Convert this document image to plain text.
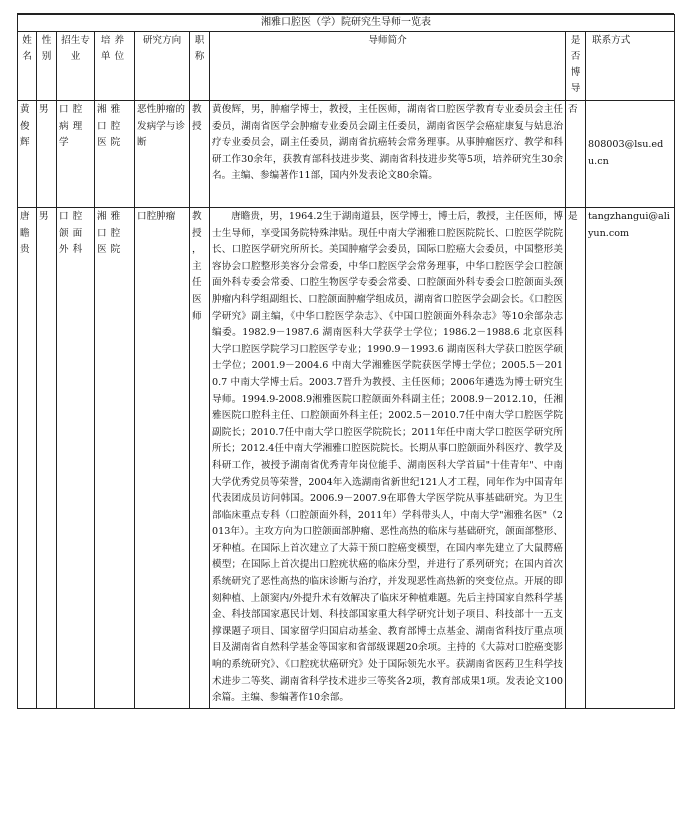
湘雅口腔医（学）院研究生导师一览表								
姓名	性别	招生专业	培养单位	研究方向	职称	导师简介	是否博导	联系方式
黄俊辉	男	口腔病理学	湘雅口腔医院	恶性肿瘤的发病学与诊断	教授	黄俊辉，男，肿瘤学博士，教授，主任医师，湖南省口腔医学教育专业委员会主任委员，湖南省医学会肿瘤专业委员会副主任委员，湖南省医学会癌症康复与姑息治疗专业委员会，副主任委员，湖南省抗癌转会常务理事。从事肿瘤医疗、教学和科研工作30余年，获教育部科技进步奖、湖南省科技进步奖等5项，培养研究生30余名。主编、参编著作11部，国内外发表论文80余篇。	否	808003@lsu.edu.cn
唐瞻贵	男	口腔颌面外科	湘雅口腔医院	口腔肿瘤	教授，主任医师	唐瞻贵，男，1964.2生于湖南道县，医学博士，博士后，教授，主任医师，博士生导师，享受国务院特殊津贴。现任中南大学湘雅口腔医院院长、口腔医学院院长、口腔医学研究所所长。美国肿瘤学会委员，国际口腔癌大会委员，中国整形美容协会口腔整形美容分会常委，中华口腔医学会常务理事，中华口腔医学会口腔颌面外科专委会常委、口腔生物医学专委会常委、口腔颌面外科专委会口腔颌面头颈肿瘤内科学组副组长、口腔颌面肿瘤学组成员，湖南省口腔医学会副会长。《口腔医学研究》副主编，《中华口腔医学杂志》、《中国口腔颌面外科杂志》等10余部杂志编委。1982.9－1987.6 湖南医科大学获学士学位；1986.2－1988.6 北京医科大学口腔医学院学习口腔医学专业；1990.9－1993.6 湖南医科大学获口腔医学硕士学位；2001.9－2004.6 中南大学湘雅医学院获医学博士学位；2005.5－2010.7 中南大学博士后。2003.7晋升为教授、主任医师；2006年遴选为博士研究生导师。1994.9-2008.9湘雅医院口腔颌面外科副主任；2008.9－2012.10，任湘雅医院口腔科主任、口腔颌面外科主任；2002.5－2010.7任中南大学口腔医学院副院长；2010.7任中南大学口腔医学院院长；2011年任中南大学口腔医学研究所所长；2012.4任中南大学湘雅口腔医院院长。长期从事口腔颌面外科医疗、教学及科研工作，被授予湖南省优秀青年岗位能手、湖南医科大学首届"十佳青年"、中南大学优秀党员等荣誉，2004年入选湖南省新世纪121人才工程，同年作为中国青年代表团成员访问韩国。2006.9－2007.9在耶鲁大学医学院从事基础研究。为卫生部临床重点专科（口腔颌面外科，2011年）学科带头人，中南大学"湘雅名医"（2013年）。主攻方向为口腔颌面部肿瘤、恶性高热的临床与基础研究，颌面部整形、牙种植。在国际上首次建立了大蒜干预口腔癌变模型，在国内率先建立了大鼠腭癌模型；在国际上首次提出口腔疣状癌的临床分型，并进行了系列研究；在国内首次系统研究了恶性高热的临床诊断与治疗，并发现恶性高热新的突变位点。开展的即刻种植、上颌窦内/外提升术有效解决了临床牙种植难题。先后主持国家自然科学基金、科技部国家惠民计划、科技部国家重大科学研究计划子项目、科技部十一五支撑课题子项目、国家留学归国启动基金、教育部博士点基金、湖南省科技厅重点项目及湖南省自然科学基金等国家和省部级课题20余项。主持的《大蒜对口腔癌变影响的系统研究》、《口腔疣状癌研究》处于国际领先水平。获湖南省医药卫生科学技术进步二等奖、湖南省科学技术进步三等奖各2项，教育部成果1项。发表论文100余篇。主编、参编著作10余部。	是	tangzhangui@aliyun.com
